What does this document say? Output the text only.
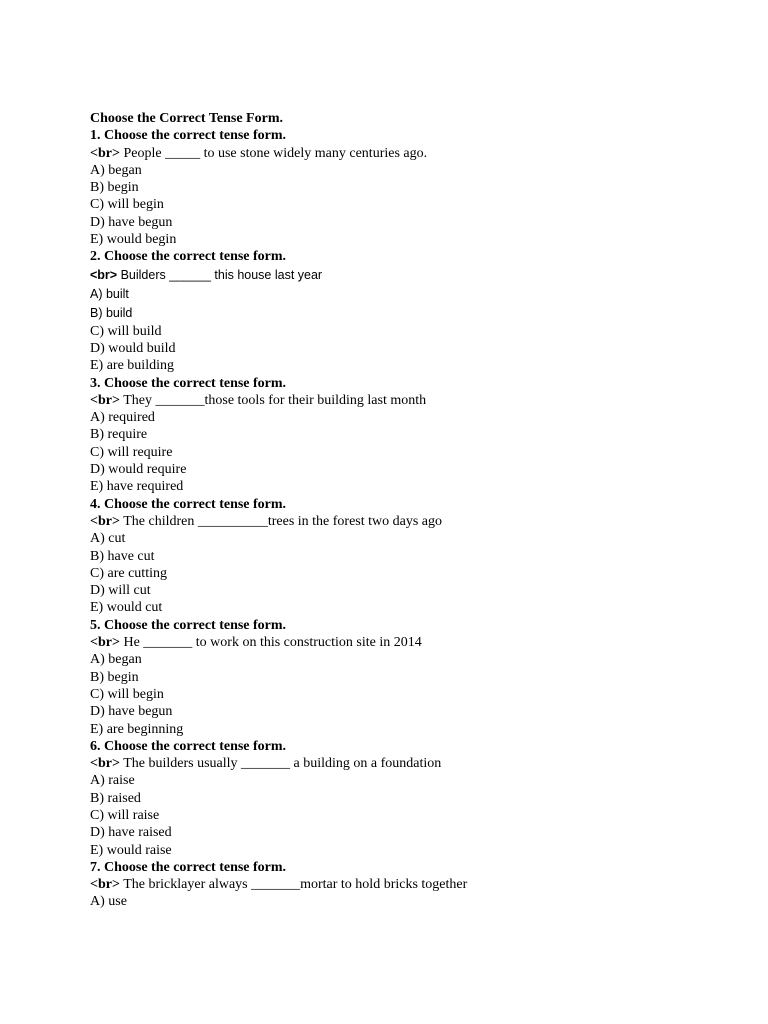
Choose the Correct Tense Form.
1. Choose the correct tense form.
<br> People _____ to use stone widely many centuries ago.
A) began
B) begin
C) will begin
D) have begun
E) would begin
2. Choose the correct tense form.
<br> Builders ______ this house last year
A) built
B) build
C) will build
D) would build
E) are building
3. Choose the correct tense form.
<br> They _______those tools for their building last month
A) required
B) require
C) will require
D) would require
E) have required
4. Choose the correct tense form.
<br> The children __________trees in the forest two days ago
A) cut
B) have cut
C) are cutting
D) will cut
E) would cut
5. Choose the correct tense form.
<br> He _______ to work on this construction site in 2014
A) began
B) begin
C) will begin
D) have begun
E) are beginning
6. Choose the correct tense form.
<br> The builders usually _______ a building on a foundation
A) raise
B) raised
C) will raise
D) have raised
E) would raise
7. Choose the correct tense form.
<br> The bricklayer always _______mortar to hold bricks together
A) use
